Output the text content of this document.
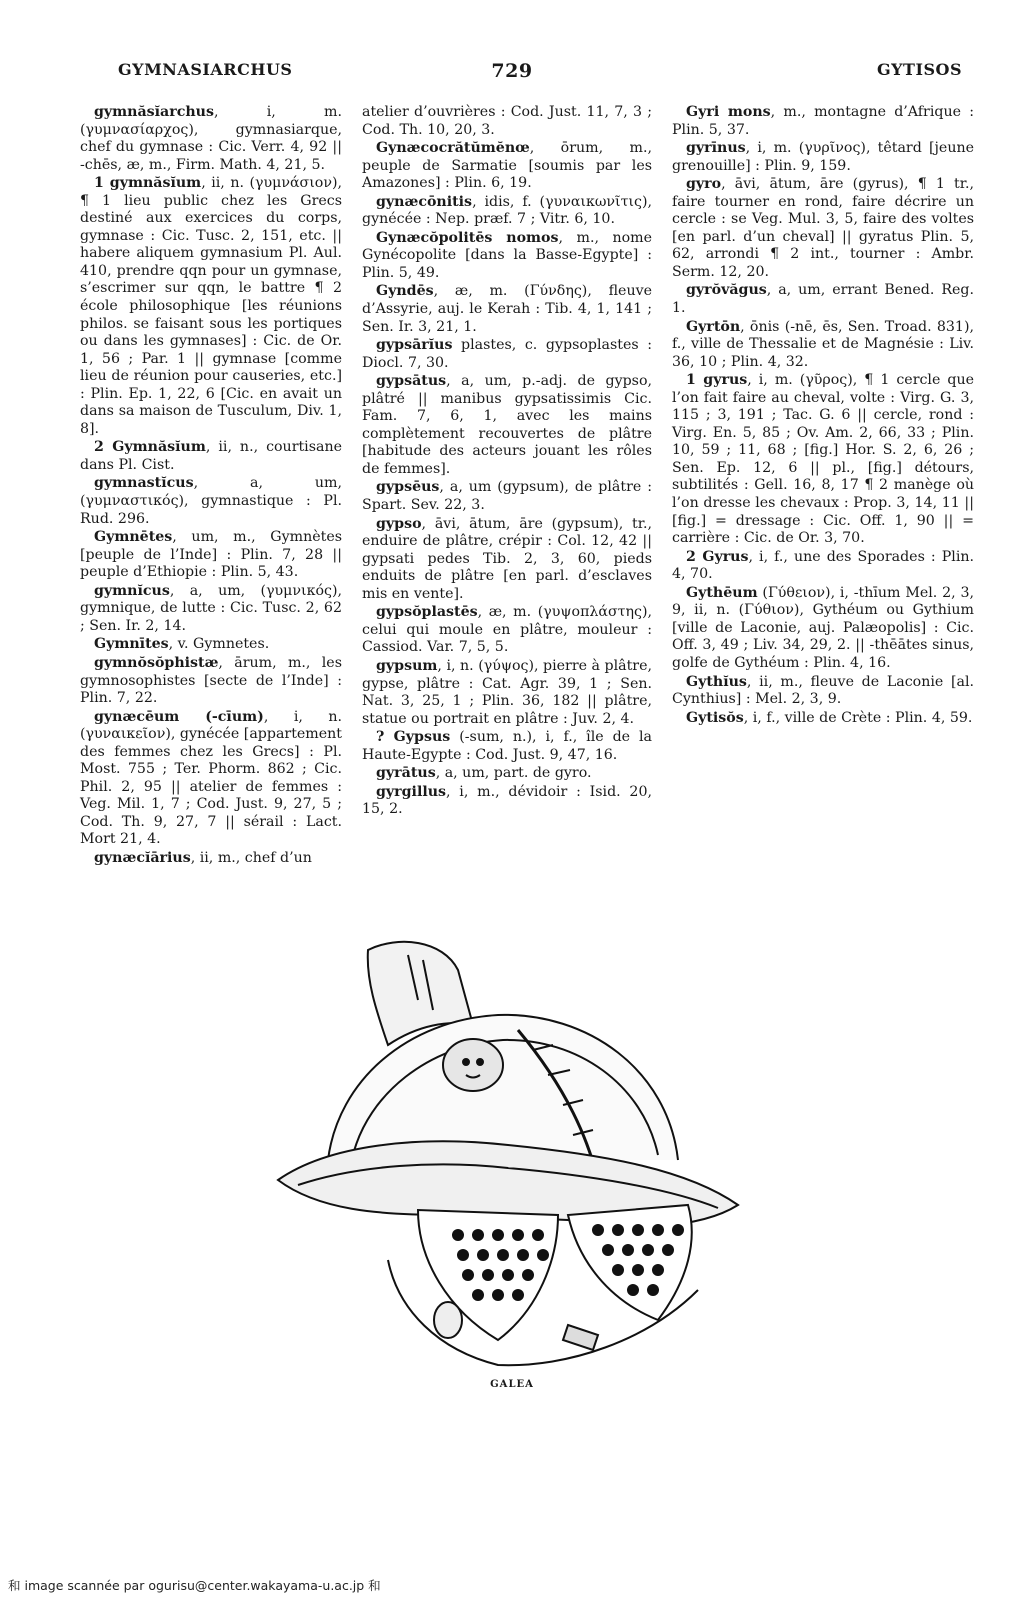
GYMNASIARCHUS	729	GYTISOS

gymnăsĭarchus, i, m. (γυμνασίαρχος), gymnasiarque, chef du gymnase : Cic. Verr. 4, 92 || -chēs, æ, m., Firm. Math. 4, 21, 5.

1 gymnăsĭum, ii, n. (γυμνάσιον), ¶ 1 lieu public chez les Grecs destiné aux exercices du corps, gymnase : Cic. Tusc. 2, 151, etc. || habere aliquem gymnasium Pl. Aul. 410, prendre qqn pour un gymnase, s’escrimer sur qqn, le battre ¶ 2 école philosophique [les réunions philos. se faisant sous les portiques ou dans les gymnases] : Cic. de Or. 1, 56 ; Par. 1 || gymnase [comme lieu de réunion pour causeries, etc.] : Plin. Ep. 1, 22, 6 [Cic. en avait un dans sa maison de Tusculum, Div. 1, 8].

2 Gymnăsĭum, ii, n., courtisane dans Pl. Cist.

gymnastĭcus, a, um, (γυμναστικός), gymnastique : Pl. Rud. 296.

Gymnētes, um, m., Gymnètes [peuple de l’Inde] : Plin. 7, 28 || peuple d’Ethiopie : Plin. 5, 43.

gymnĭcus, a, um, (γυμνικός), gymnique, de lutte : Cic. Tusc. 2, 62 ; Sen. Ir. 2, 14.

Gymnītes, v. Gymnetes.

gymnŏsŏphistæ, ārum, m., les gymnosophistes [secte de l’Inde] : Plin. 7, 22.

gynæcēum (-cīum), i, n. (γυναικεῖον), gynécée [appartement des femmes chez les Grecs] : Pl. Most. 755 ; Ter. Phorm. 862 ; Cic. Phil. 2, 95 || atelier de femmes : Veg. Mil. 1, 7 ; Cod. Just. 9, 27, 5 ; Cod. Th. 9, 27, 7 || sérail : Lact. Mort 21, 4.

gynæcĭārius, ii, m., chef d’un

atelier d’ouvrières : Cod. Just. 11, 7, 3 ; Cod. Th. 10, 20, 3.

Gynæcocrătŭmĕnœ, ōrum, m., peuple de Sarmatie [soumis par les Amazones] : Plin. 6, 19.

gynæcōnitis, idis, f. (γυναικωνῖτις), gynécée : Nep. præf. 7 ; Vitr. 6, 10.

Gynæcŏpolitēs nomos, m., nome Gynécopolite [dans la Basse-Egypte] : Plin. 5, 49.

Gyndēs, æ, m. (Γύνδης), fleuve d’Assyrie, auj. le Kerah : Tib. 4, 1, 141 ; Sen. Ir. 3, 21, 1.

gypsārĭus plastes, c. gypsoplastes : Diocl. 7, 30.

gypsātus, a, um, p.-adj. de gypso, plâtré || manibus gypsatissimis Cic. Fam. 7, 6, 1, avec les mains complètement recouvertes de plâtre [habitude des acteurs jouant les rôles de femmes].

gypsēus, a, um (gypsum), de plâtre : Spart. Sev. 22, 3.

gypso, āvi, ātum, āre (gypsum), tr., enduire de plâtre, crépir : Col. 12, 42 || gypsati pedes Tib. 2, 3, 60, pieds enduits de plâtre [en parl. d’esclaves mis en vente].

gypsŏplastēs, æ, m. (γυψοπλάστης), celui qui moule en plâtre, mouleur : Cassiod. Var. 7, 5, 5.

gypsum, i, n. (γύψος), pierre à plâtre, gypse, plâtre : Cat. Agr. 39, 1 ; Sen. Nat. 3, 25, 1 ; Plin. 36, 182 || plâtre, statue ou portrait en plâtre : Juv. 2, 4.

? Gypsus (-sum, n.), i, f., île de la Haute-Egypte : Cod. Just. 9, 47, 16.

gyrātus, a, um, part. de gyro.

gyrgillus, i, m., dévidoir : Isid. 20, 15, 2.

Gyri mons, m., montagne d’Afrique : Plin. 5, 37.

gyrīnus, i, m. (γυρῖνος), têtard [jeune grenouille] : Plin. 9, 159.

gyro, āvi, ātum, āre (gyrus), ¶ 1 tr., faire tourner en rond, faire décrire un cercle : se Veg. Mul. 3, 5, faire des voltes [en parl. d’un cheval] || gyratus Plin. 5, 62, arrondi ¶ 2 int., tourner : Ambr. Serm. 12, 20.

gyrŏvăgus, a, um, errant Bened. Reg. 1.

Gyrtōn, ōnis (-nē, ēs, Sen. Troad. 831), f., ville de Thessalie et de Magnésie : Liv. 36, 10 ; Plin. 4, 32.

1 gyrus, i, m. (γῦρος), ¶ 1 cercle que l’on fait faire au cheval, volte : Virg. G. 3, 115 ; 3, 191 ; Tac. G. 6 || cercle, rond : Virg. En. 5, 85 ; Ov. Am. 2, 66, 33 ; Plin. 10, 59 ; 11, 68 ; [fig.] Hor. S. 2, 6, 26 ; Sen. Ep. 12, 6 || pl., [fig.] détours, subtilités : Gell. 16, 8, 17 ¶ 2 manège où l’on dresse les chevaux : Prop. 3, 14, 11 || [fig.] = dressage : Cic. Off. 1, 90 || = carrière : Cic. de Or. 3, 70.

2 Gyrus, i, f., une des Sporades : Plin. 4, 70.

Gythēum (Γύθειον), i, -thīum Mel. 2, 3, 9, ii, n. (Γύθιον), Gythéum ou Gythium [ville de Laconie, auj. Palæopolis] : Cic. Off. 3, 49 ; Liv. 34, 29, 2. || -thēātes sinus, golfe de Gythéum : Plin. 4, 16.

Gythĭus, ii, m., fleuve de Laconie [al. Cynthius] : Mel. 2, 3, 9.

Gytisŏs, i, f., ville de Crète : Plin. 4, 59.

GALEA
和 image scannée par ogurisu@center.wakayama-u.ac.jp 和
